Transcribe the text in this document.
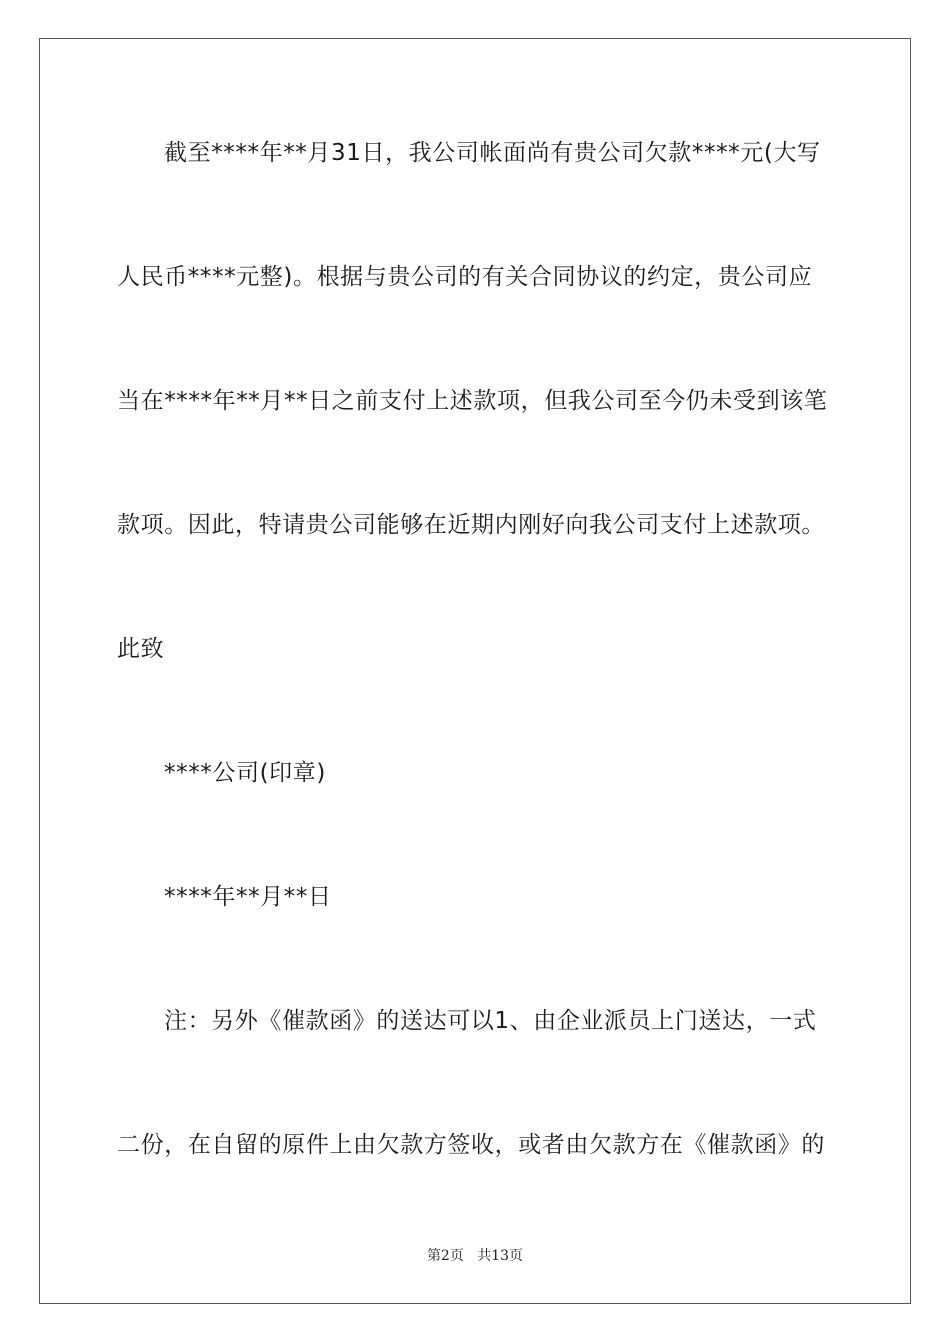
截至****年**月31日，我公司帐面尚有贵公司欠款****元(大写
人民币****元整)。根据与贵公司的有关合同协议的约定，贵公司应
当在****年**月**日之前支付上述款项，但我公司至今仍未受到该笔
款项。因此，特请贵公司能够在近期内刚好向我公司支付上述款项。
此致
****公司(印章)
****年**月**日
注：另外《催款函》的送达可以1、由企业派员上门送达，一式
二份，在自留的原件上由欠款方签收，或者由欠款方在《催款函》的
第2页 共13页
